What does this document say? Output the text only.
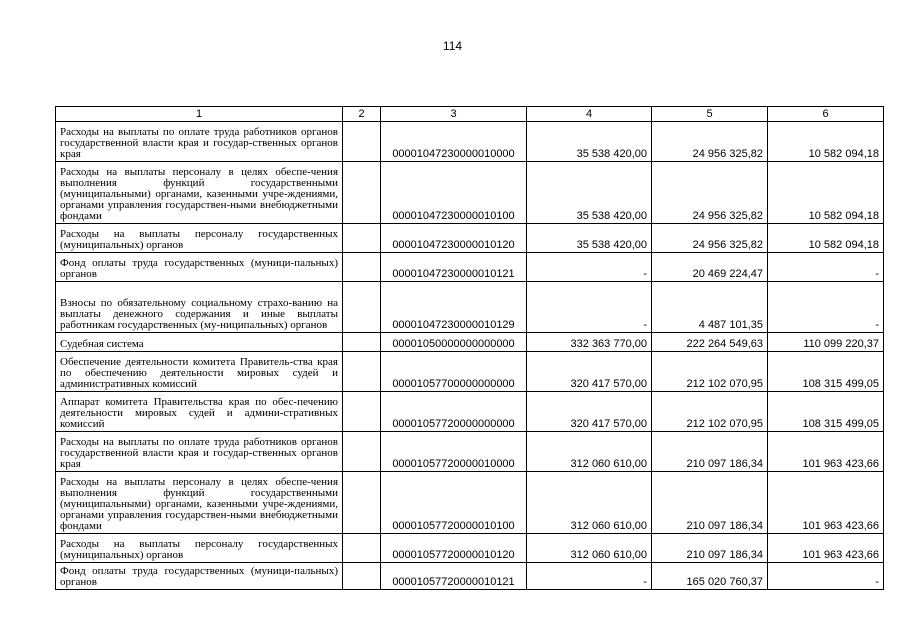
114
1	2	3	4	5	6
Расходы на выплаты по оплате труда работников органов государственной власти края и государ-ственных органов края		00001047230000010000	35 538 420,00	24 956 325,82	10 582 094,18
Расходы на выплаты персоналу в целях обеспе-чения выполнения функций государственными (муниципальными) органами, казенными учре-ждениями, органами управления государствен-ными внебюджетными фондами		00001047230000010100	35 538 420,00	24 956 325,82	10 582 094,18
Расходы на выплаты персоналу государственных (муниципальных) органов		00001047230000010120	35 538 420,00	24 956 325,82	10 582 094,18
Фонд оплаты труда государственных (муници-пальных) органов		00001047230000010121	-	20 469 224,47	-
Взносы по обязательному социальному страхо-ванию на выплаты денежного содержания и иные выплаты работникам государственных (му-ниципальных) органов		00001047230000010129	-	4 487 101,35	-
Судебная система		00001050000000000000	332 363 770,00	222 264 549,63	110 099 220,37
Обеспечение деятельности комитета Правитель-ства края по обеспечению деятельности мировых судей и административных комиссий		00001057700000000000	320 417 570,00	212 102 070,95	108 315 499,05
Аппарат комитета Правительства края по обес-печению деятельности мировых судей и админи-стративных комиссий		00001057720000000000	320 417 570,00	212 102 070,95	108 315 499,05
Расходы на выплаты по оплате труда работников органов государственной власти края и государ-ственных органов края		00001057720000010000	312 060 610,00	210 097 186,34	101 963 423,66
Расходы на выплаты персоналу в целях обеспе-чения выполнения функций государственными (муниципальными) органами, казенными учре-ждениями, органами управления государствен-ными внебюджетными фондами		00001057720000010100	312 060 610,00	210 097 186,34	101 963 423,66
Расходы на выплаты персоналу государственных (муниципальных) органов		00001057720000010120	312 060 610,00	210 097 186,34	101 963 423,66
Фонд оплаты труда государственных (муници-пальных) органов		00001057720000010121	-	165 020 760,37	-
